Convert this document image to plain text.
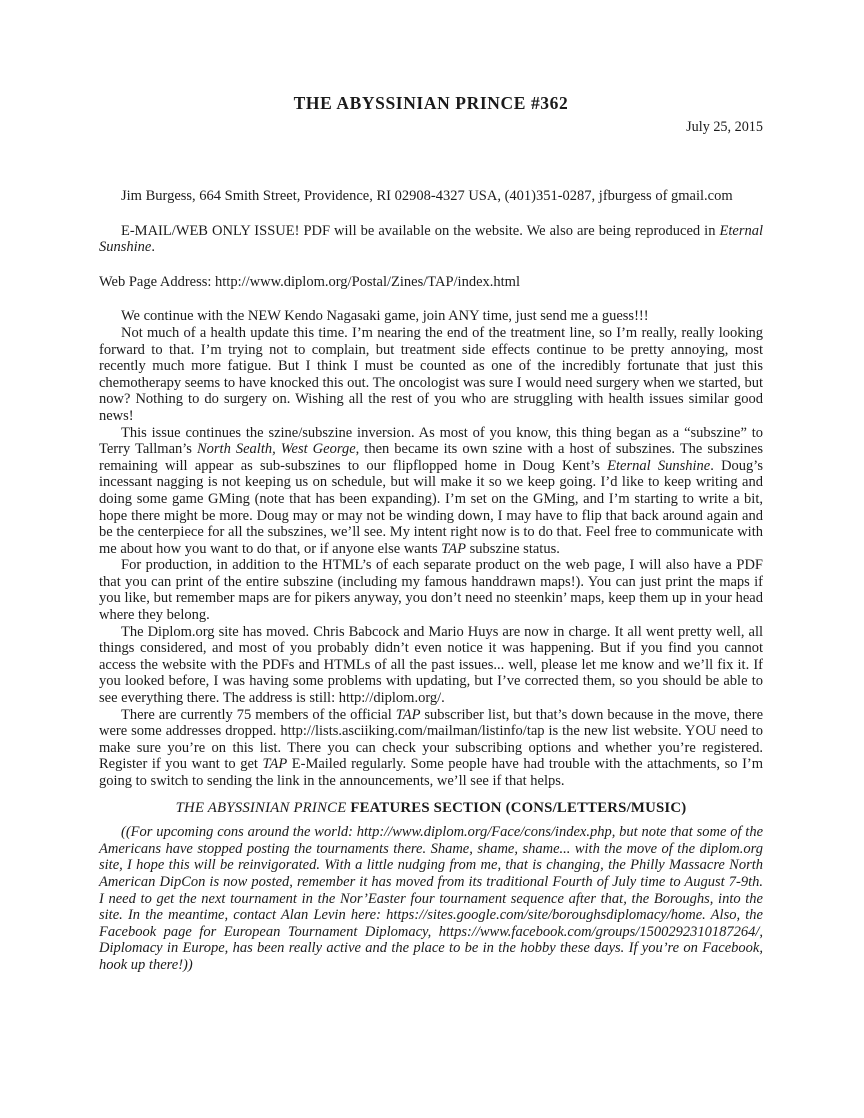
THE ABYSSINIAN PRINCE #362
July 25, 2015

Jim Burgess, 664 Smith Street, Providence, RI 02908-4327 USA, (401)351-0287, jfburgess of gmail.com

E-MAIL/WEB ONLY ISSUE! PDF will be available on the website. We also are being reproduced in Eternal Sunshine.

Web Page Address: http://www.diplom.org/Postal/Zines/TAP/index.html

We continue with the NEW Kendo Nagasaki game, join ANY time, just send me a guess!!!

Not much of a health update this time. I’m nearing the end of the treatment line, so I’m really, really looking forward to that. I’m trying not to complain, but treatment side effects continue to be pretty annoying, most recently much more fatigue. But I think I must be counted as one of the incredibly fortunate that just this chemotherapy seems to have knocked this out. The oncologist was sure I would need surgery when we started, but now? Nothing to do surgery on. Wishing all the rest of you who are struggling with health issues similar good news!

This issue continues the szine/subszine inversion. As most of you know, this thing began as a “subszine” to Terry Tallman’s North Sealth, West George, then became its own szine with a host of subszines. The subszines remaining will appear as sub-subszines to our flipflopped home in Doug Kent’s Eternal Sunshine. Doug’s incessant nagging is not keeping us on schedule, but will make it so we keep going. I’d like to keep writing and doing some game GMing (note that has been expanding). I’m set on the GMing, and I’m starting to write a bit, hope there might be more. Doug may or may not be winding down, I may have to flip that back around again and be the centerpiece for all the subszines, we’ll see. My intent right now is to do that. Feel free to communicate with me about how you want to do that, or if anyone else wants TAP subszine status.

For production, in addition to the HTML’s of each separate product on the web page, I will also have a PDF that you can print of the entire subszine (including my famous handdrawn maps!). You can just print the maps if you like, but remember maps are for pikers anyway, you don’t need no steenkin’ maps, keep them up in your head where they belong.

The Diplom.org site has moved. Chris Babcock and Mario Huys are now in charge. It all went pretty well, all things considered, and most of you probably didn’t even notice it was happening. But if you find you cannot access the website with the PDFs and HTMLs of all the past issues... well, please let me know and we’ll fix it. If you looked before, I was having some problems with updating, but I’ve corrected them, so you should be able to see everything there. The address is still: http://diplom.org/.

There are currently 75 members of the official TAP subscriber list, but that’s down because in the move, there were some addresses dropped. http://lists.asciiking.com/mailman/listinfo/tap is the new list website. YOU need to make sure you’re on this list. There you can check your subscribing options and whether you’re registered. Register if you want to get TAP E-Mailed regularly. Some people have had trouble with the attachments, so I’m going to switch to sending the link in the announcements, we’ll see if that helps.

THE ABYSSINIAN PRINCE FEATURES SECTION (CONS/LETTERS/MUSIC)

((For upcoming cons around the world: http://www.diplom.org/Face/cons/index.php, but note that some of the Americans have stopped posting the tournaments there. Shame, shame, shame... with the move of the diplom.org site, I hope this will be reinvigorated. With a little nudging from me, that is changing, the Philly Massacre North American DipCon is now posted, remember it has moved from its traditional Fourth of July time to August 7-9th. I need to get the next tournament in the Nor’Easter four tournament sequence after that, the Boroughs, into the site. In the meantime, contact Alan Levin here: https://sites.google.com/site/boroughsdiplomacy/home. Also, the Facebook page for European Tournament Diplomacy, https://www.facebook.com/groups/1500292310187264/, Diplomacy in Europe, has been really active and the place to be in the hobby these days. If you’re on Facebook, hook up there!))
